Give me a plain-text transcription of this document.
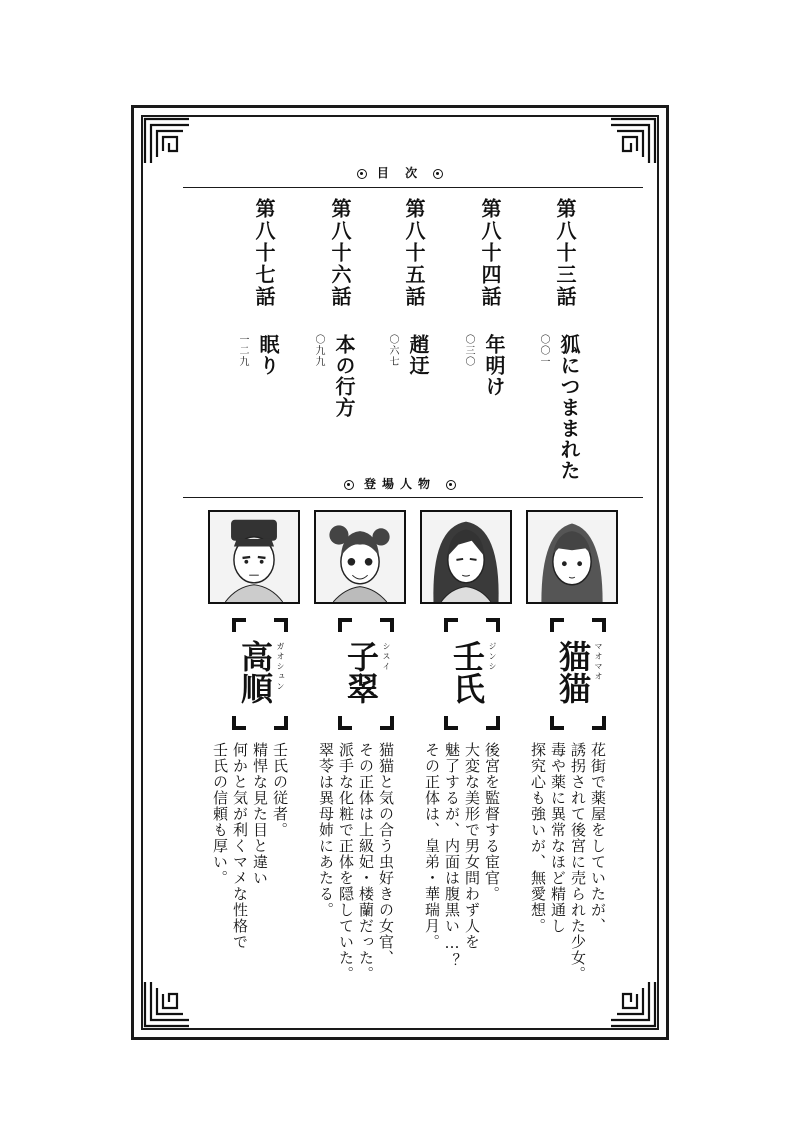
目 次
第八十三話
〇〇一 狐につままれた
第八十四話
〇三〇 年明け
第八十五話
〇六七 趙迂
第八十六話
〇九九 本の行方
第八十七話
一二九 眠り
登場人物
猫猫 マオマオ
壬氏 ジンシ
子翠 シスイ
高順 ガオシュン
花街で薬屋をしていたが、
誘拐されて後宮に売られた少女。
毒や薬に異常なほど精通し
探究心も強いが、無愛想。
後宮を監督する宦官。
大変な美形で男女問わず人を
魅了するが、内面は腹黒い…？
その正体は、皇弟・華瑞月。
猫猫と気の合う虫好きの女官、
その正体は上級妃・楼蘭だった。
派手な化粧で正体を隠していた。
翠苓は異母姉にあたる。
壬氏の従者。
精悍な見た目と違い
何かと気が利くマメな性格で
壬氏の信頼も厚い。
